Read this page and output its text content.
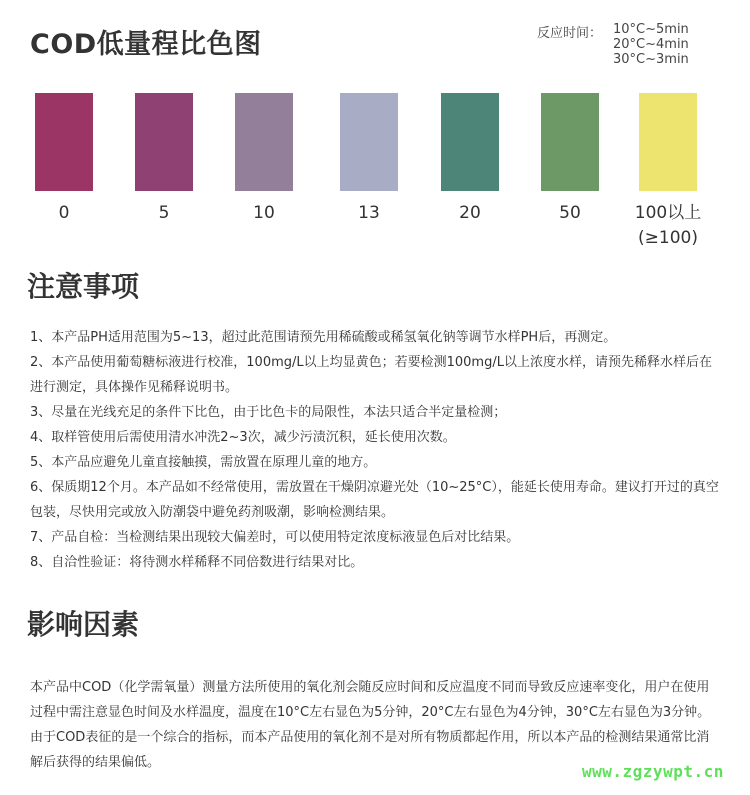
COD低量程比色图	反应时间： 10°C~5min
20°C~4min
30°C~3min
0	5	10	13	20	50	100以上
(≥100)
注意事项

1、本产品PH适用范围为5~13，超过此范围请预先用稀硫酸或稀氢氧化钠等调节水样PH后，再测定。

2、本产品使用葡萄糖标液进行校准，100mg/L以上均显黄色；若要检测100mg/L以上浓度水样，请预先稀释水样后在进行测定，具体操作见稀释说明书。

3、尽量在光线充足的条件下比色，由于比色卡的局限性，本法只适合半定量检测；

4、取样管使用后需使用清水冲洗2~3次，减少污渍沉积，延长使用次数。

5、本产品应避免儿童直接触摸，需放置在原理儿童的地方。

6、保质期12个月。本产品如不经常使用，需放置在干燥阴凉避光处（10~25°C），能延长使用寿命。建议打开过的真空包装，尽快用完或放入防潮袋中避免药剂吸潮，影响检测结果。

7、产品自检：当检测结果出现较大偏差时，可以使用特定浓度标液显色后对比结果。

8、自洽性验证：将待测水样稀释不同倍数进行结果对比。

影响因素

本产品中COD（化学需氧量）测量方法所使用的氧化剂会随反应时间和反应温度不同而导致反应速率变化，用户在使用过程中需注意显色时间及水样温度，温度在10°C左右显色为5分钟，20°C左右显色为4分钟，30°C左右显色为3分钟。由于COD表征的是一个综合的指标，而本产品使用的氧化剂不是对所有物质都起作用，所以本产品的检测结果通常比消解后获得的结果偏低。	www.zgzywpt.cn
